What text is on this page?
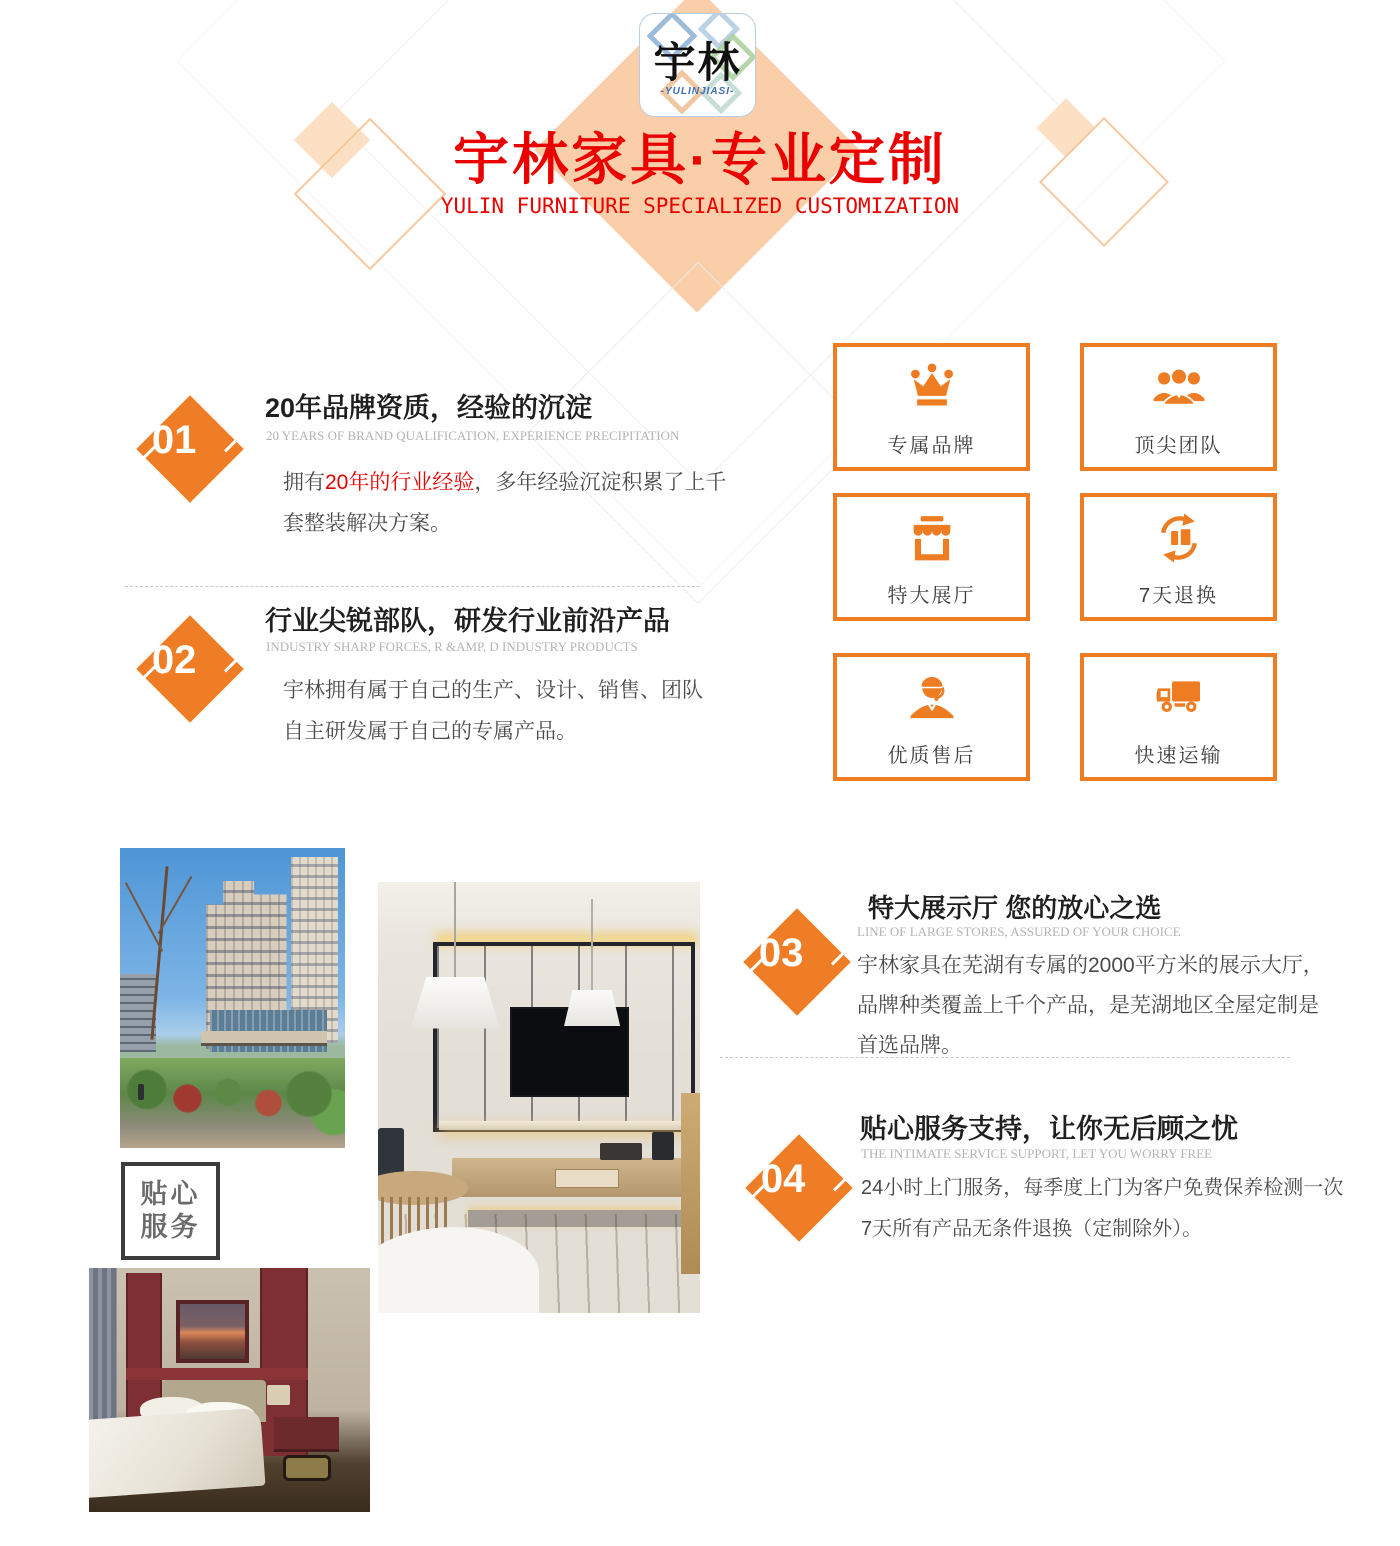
宇林
-YULINJIASI-
宇林家具·专业定制
YULIN FURNITURE SPECIALIZED CUSTOMIZATION
01
20年品牌资质，经验的沉淀
20 YEARS OF BRAND QUALIFICATION, EXPERIENCE PRECIPITATION
拥有20年的行业经验，多年经验沉淀积累了上千
套整装解决方案。
02
行业尖锐部队，研发行业前沿产品
INDUSTRY SHARP FORCES, R &AMP, D INDUSTRY PRODUCTS
宇林拥有属于自己的生产、设计、销售、团队
自主研发属于自己的专属产品。
专属品牌	顶尖团队
特大展厅	7天退换
优质售后	快速运输
贴心
服务
03
特大展示厅 您的放心之选
LINE OF LARGE STORES, ASSURED OF YOUR CHOICE
宇林家具在芜湖有专属的2000平方米的展示大厅，
品牌种类覆盖上千个产品，是芜湖地区全屋定制是
首选品牌。
04
贴心服务支持，让你无后顾之忧
THE INTIMATE SERVICE SUPPORT, LET YOU WORRY FREE
24小时上门服务，每季度上门为客户免费保养检测一次
7天所有产品无条件退换（定制除外）。
